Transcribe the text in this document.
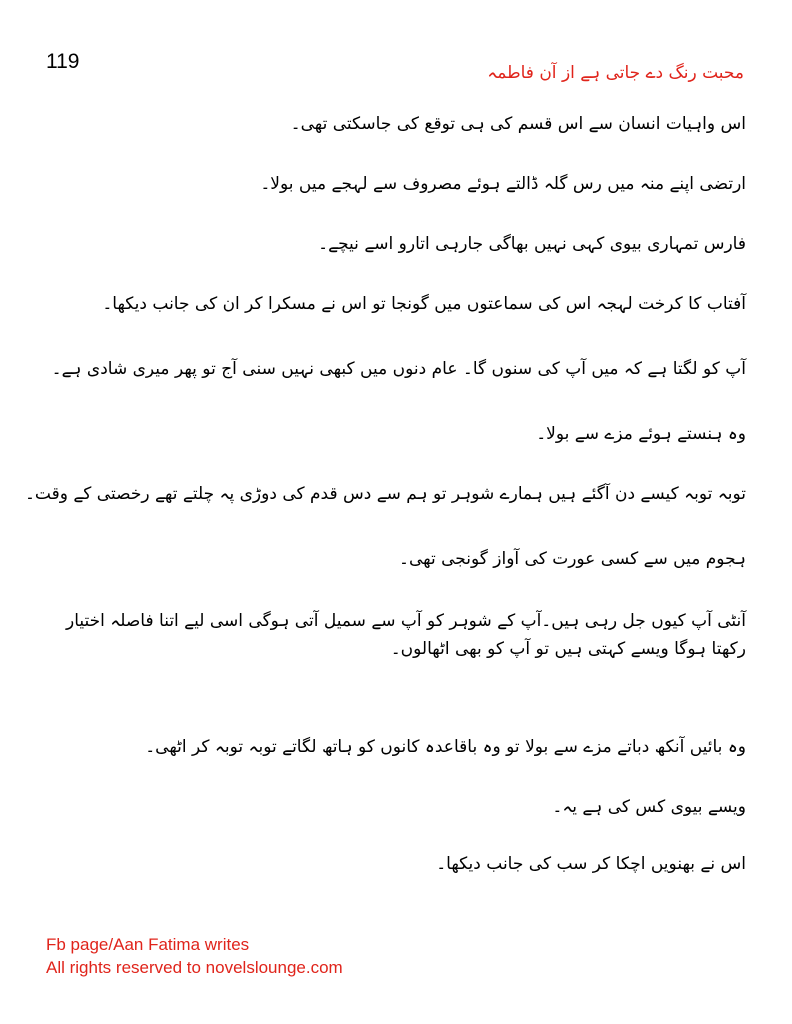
119	محبت رنگ دے جاتی ہے از آن فاطمہ
اس واہیات انسان سے اس قسم کی ہی توقع کی جاسکتی تھی۔
ارتضی اپنے منہ میں رس گلہ ڈالتے ہوئے مصروف سے لہجے میں بولا۔
فارس تمہاری بیوی کہی نہیں بھاگی جارہی اتارو اسے نیچے۔
آفتاب کا کرخت لہجہ اس کی سماعتوں میں گونجا تو اس نے مسکرا کر ان کی جانب دیکھا۔
آپ کو لگتا ہے کہ میں آپ کی سنوں گا۔ عام دنوں میں کبھی نہیں سنی آج تو پھر میری شادی ہے۔
وہ ہنستے ہوئے مزے سے بولا۔
توبہ توبہ کیسے دن آگئے ہیں ہمارے شوہر تو ہم سے دس قدم کی دوڑی پہ چلتے تھے رخصتی کے وقت۔
ہجوم میں سے کسی عورت کی آواز گونجی تھی۔
آنٹی آپ کیوں جل رہی ہیں۔آپ کے شوہر کو آپ سے سمیل آتی ہوگی اسی لیے اتنا فاصلہ اختیار رکھتا ہوگا ویسے کہتی ہیں تو آپ کو بھی اٹھالوں۔
وہ بائیں آنکھ دباتے مزے سے بولا تو وہ باقاعدہ کانوں کو ہاتھ لگاتے توبہ توبہ کر اٹھی۔
ویسے بیوی کس کی ہے یہ۔
اس نے بھنویں اچکا کر سب کی جانب دیکھا۔
Fb page/Aan Fatima writes
All rights reserved to novelslounge.com
